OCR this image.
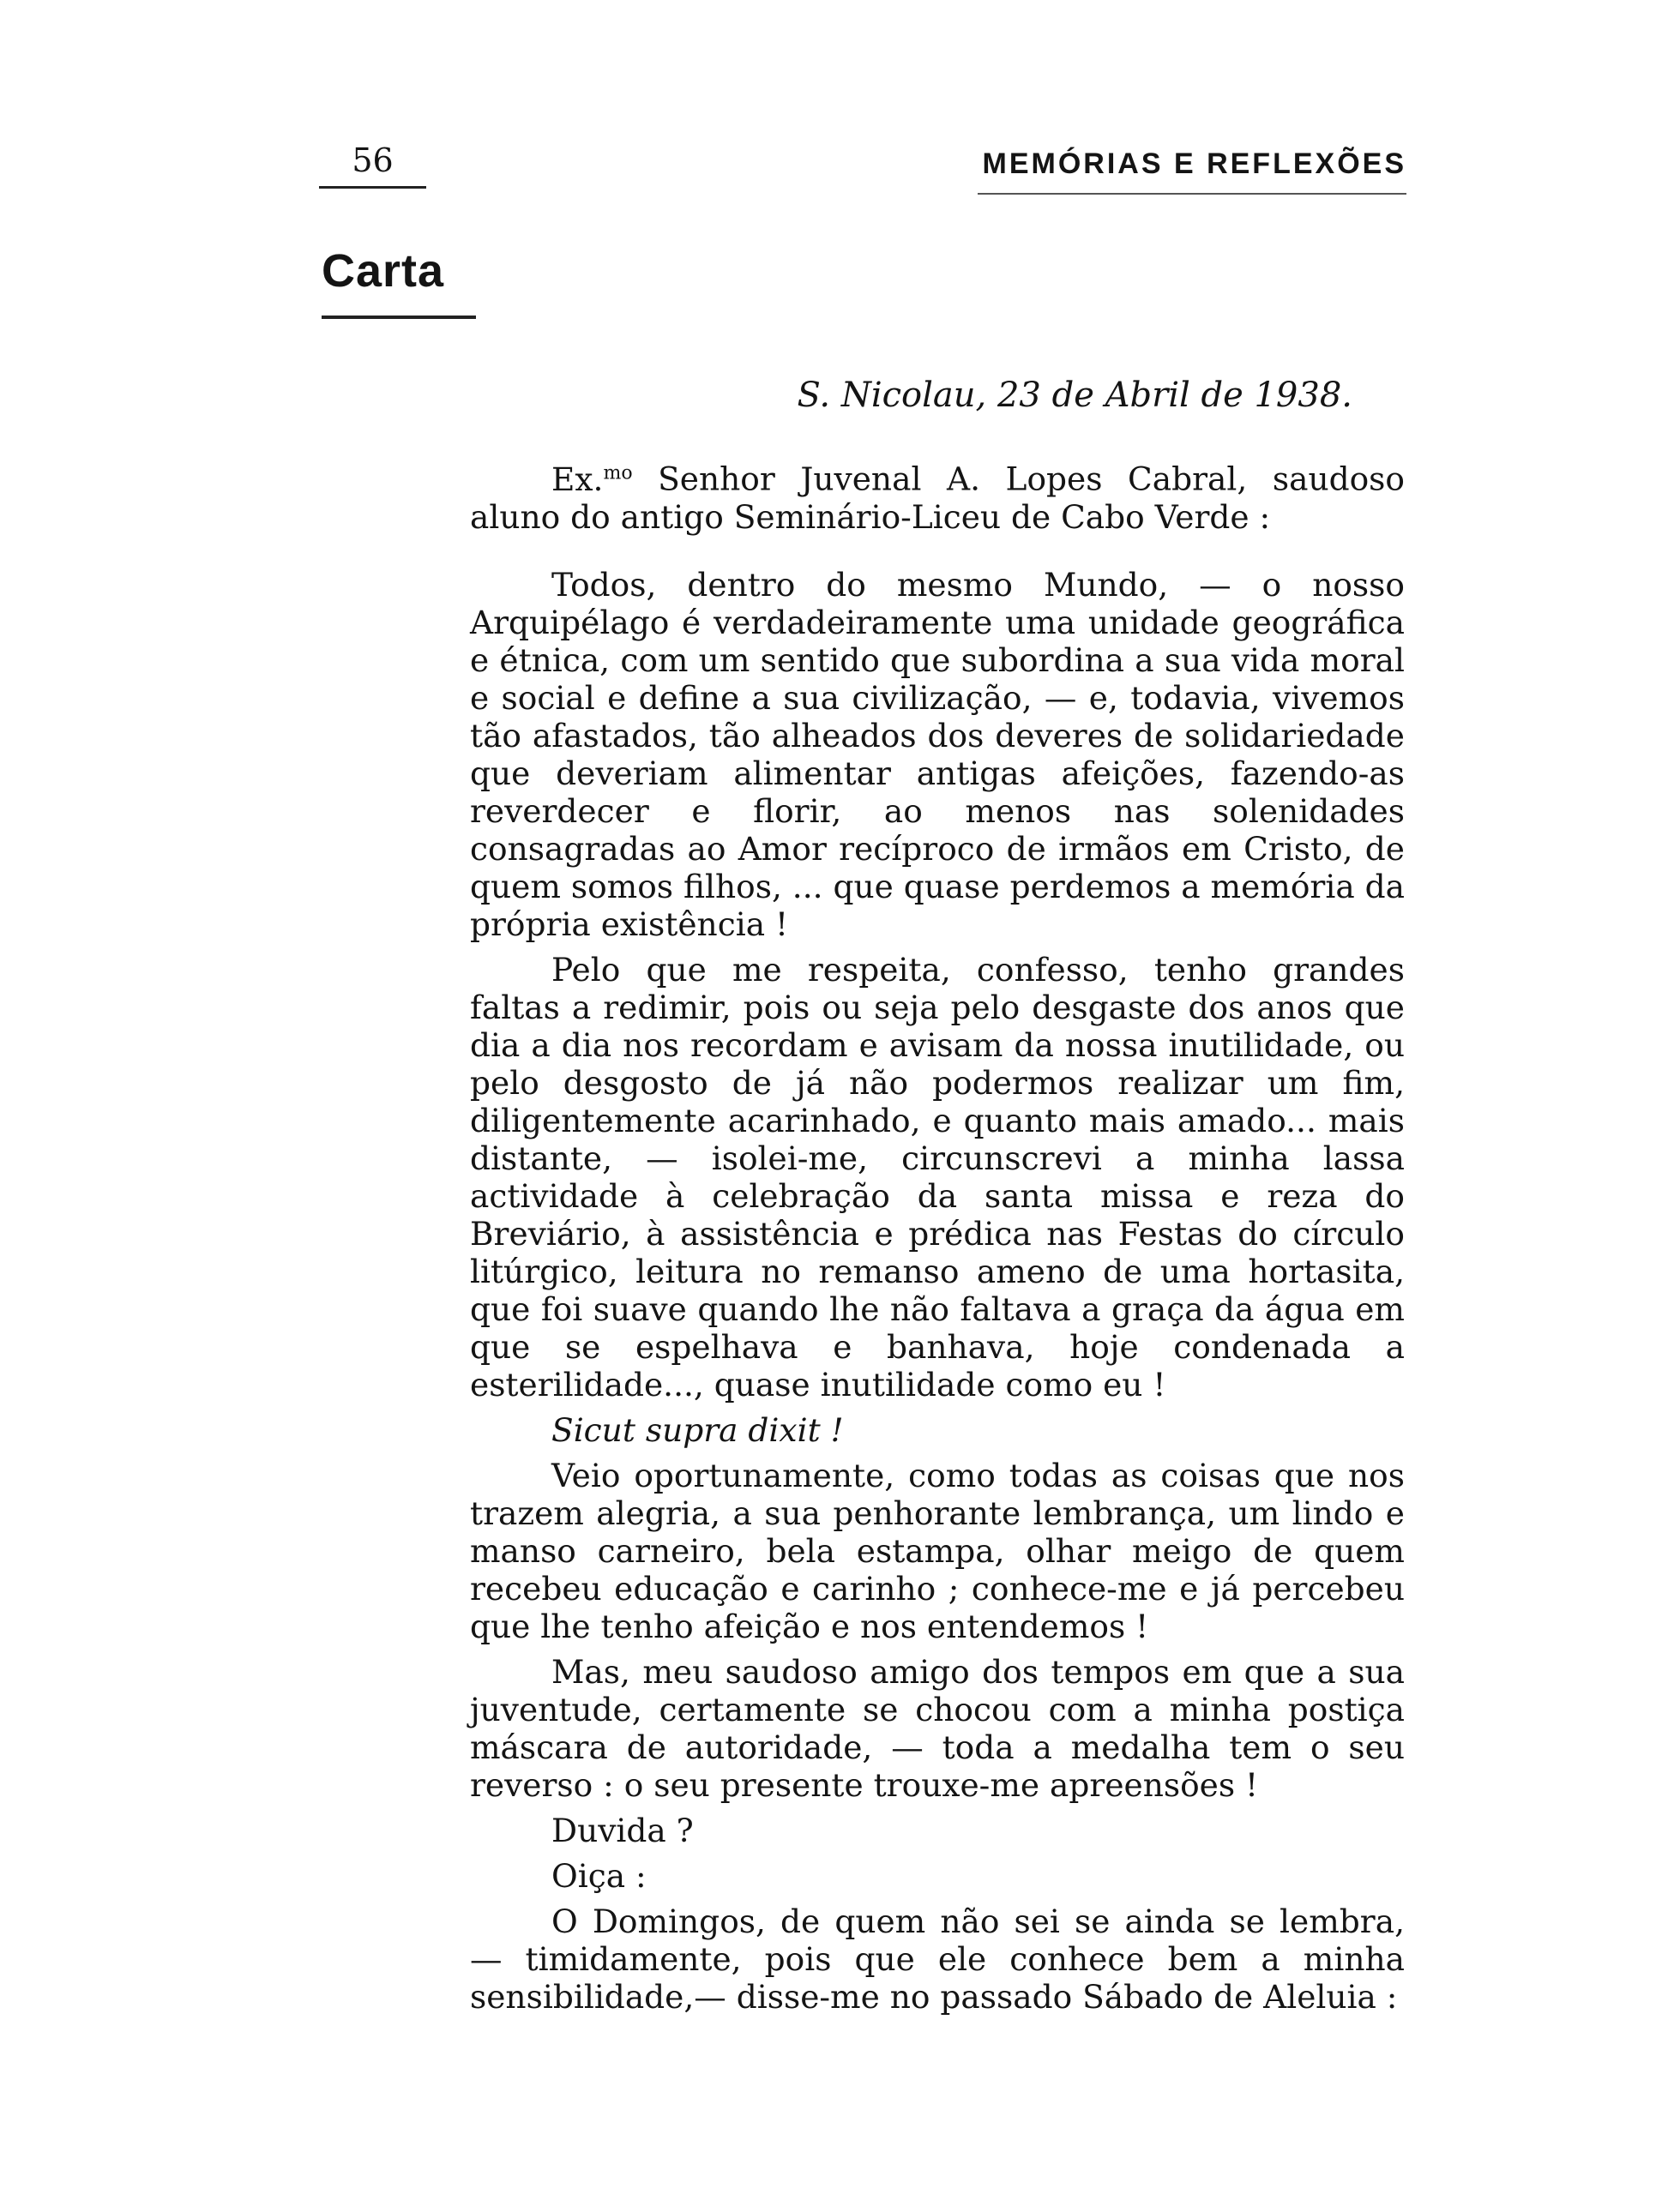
56	MEMÓRIAS E REFLEXÕES
Carta
S. Nicolau, 23 de Abril de 1938.

Ex.$^{mo}$ Senhor Juvenal A. Lopes Cabral, saudoso aluno do antigo Seminário-Liceu de Cabo Verde :

Todos, dentro do mesmo Mundo, — o nosso Arquipélago é verdadeiramente uma unidade geográfica e étnica, com um sentido que subordina a sua vida moral e social e define a sua civilização, — e, todavia, vivemos tão afastados, tão alheados dos deveres de solidariedade que deveriam alimentar antigas afeições, fazendo-as reverdecer e florir, ao menos nas solenidades consagradas ao Amor recíproco de irmãos em Cristo, de quem somos filhos, ... que quase perdemos a memória da própria existência !

Pelo que me respeita, confesso, tenho grandes faltas a redimir, pois ou seja pelo desgaste dos anos que dia a dia nos recordam e avisam da nossa inutilidade, ou pelo desgosto de já não podermos realizar um fim, diligentemente acarinhado, e quanto mais amado... mais distante, — isolei-me, circunscrevi a minha lassa actividade à celebração da santa missa e reza do Breviário, à assistência e prédica nas Festas do círculo litúrgico, leitura no remanso ameno de uma hortasita, que foi suave quando lhe não faltava a graça da água em que se espelhava e banhava, hoje condenada a esterilidade..., quase inutilidade como eu !

Sicut supra dixit !

Veio oportunamente, como todas as coisas que nos trazem alegria, a sua penhorante lembrança, um lindo e manso carneiro, bela estampa, olhar meigo de quem recebeu educação e carinho ; conhece-me e já percebeu que lhe tenho afeição e nos entendemos !

Mas, meu saudoso amigo dos tempos em que a sua juventude, certamente se chocou com a minha postiça máscara de autoridade, — toda a medalha tem o seu reverso : o seu presente trouxe-me apreensões !

Duvida ?

Oiça :

O Domingos, de quem não sei se ainda se lembra, — timidamente, pois que ele conhece bem a minha sensibilidade,— disse-me no passado Sábado de Aleluia :
